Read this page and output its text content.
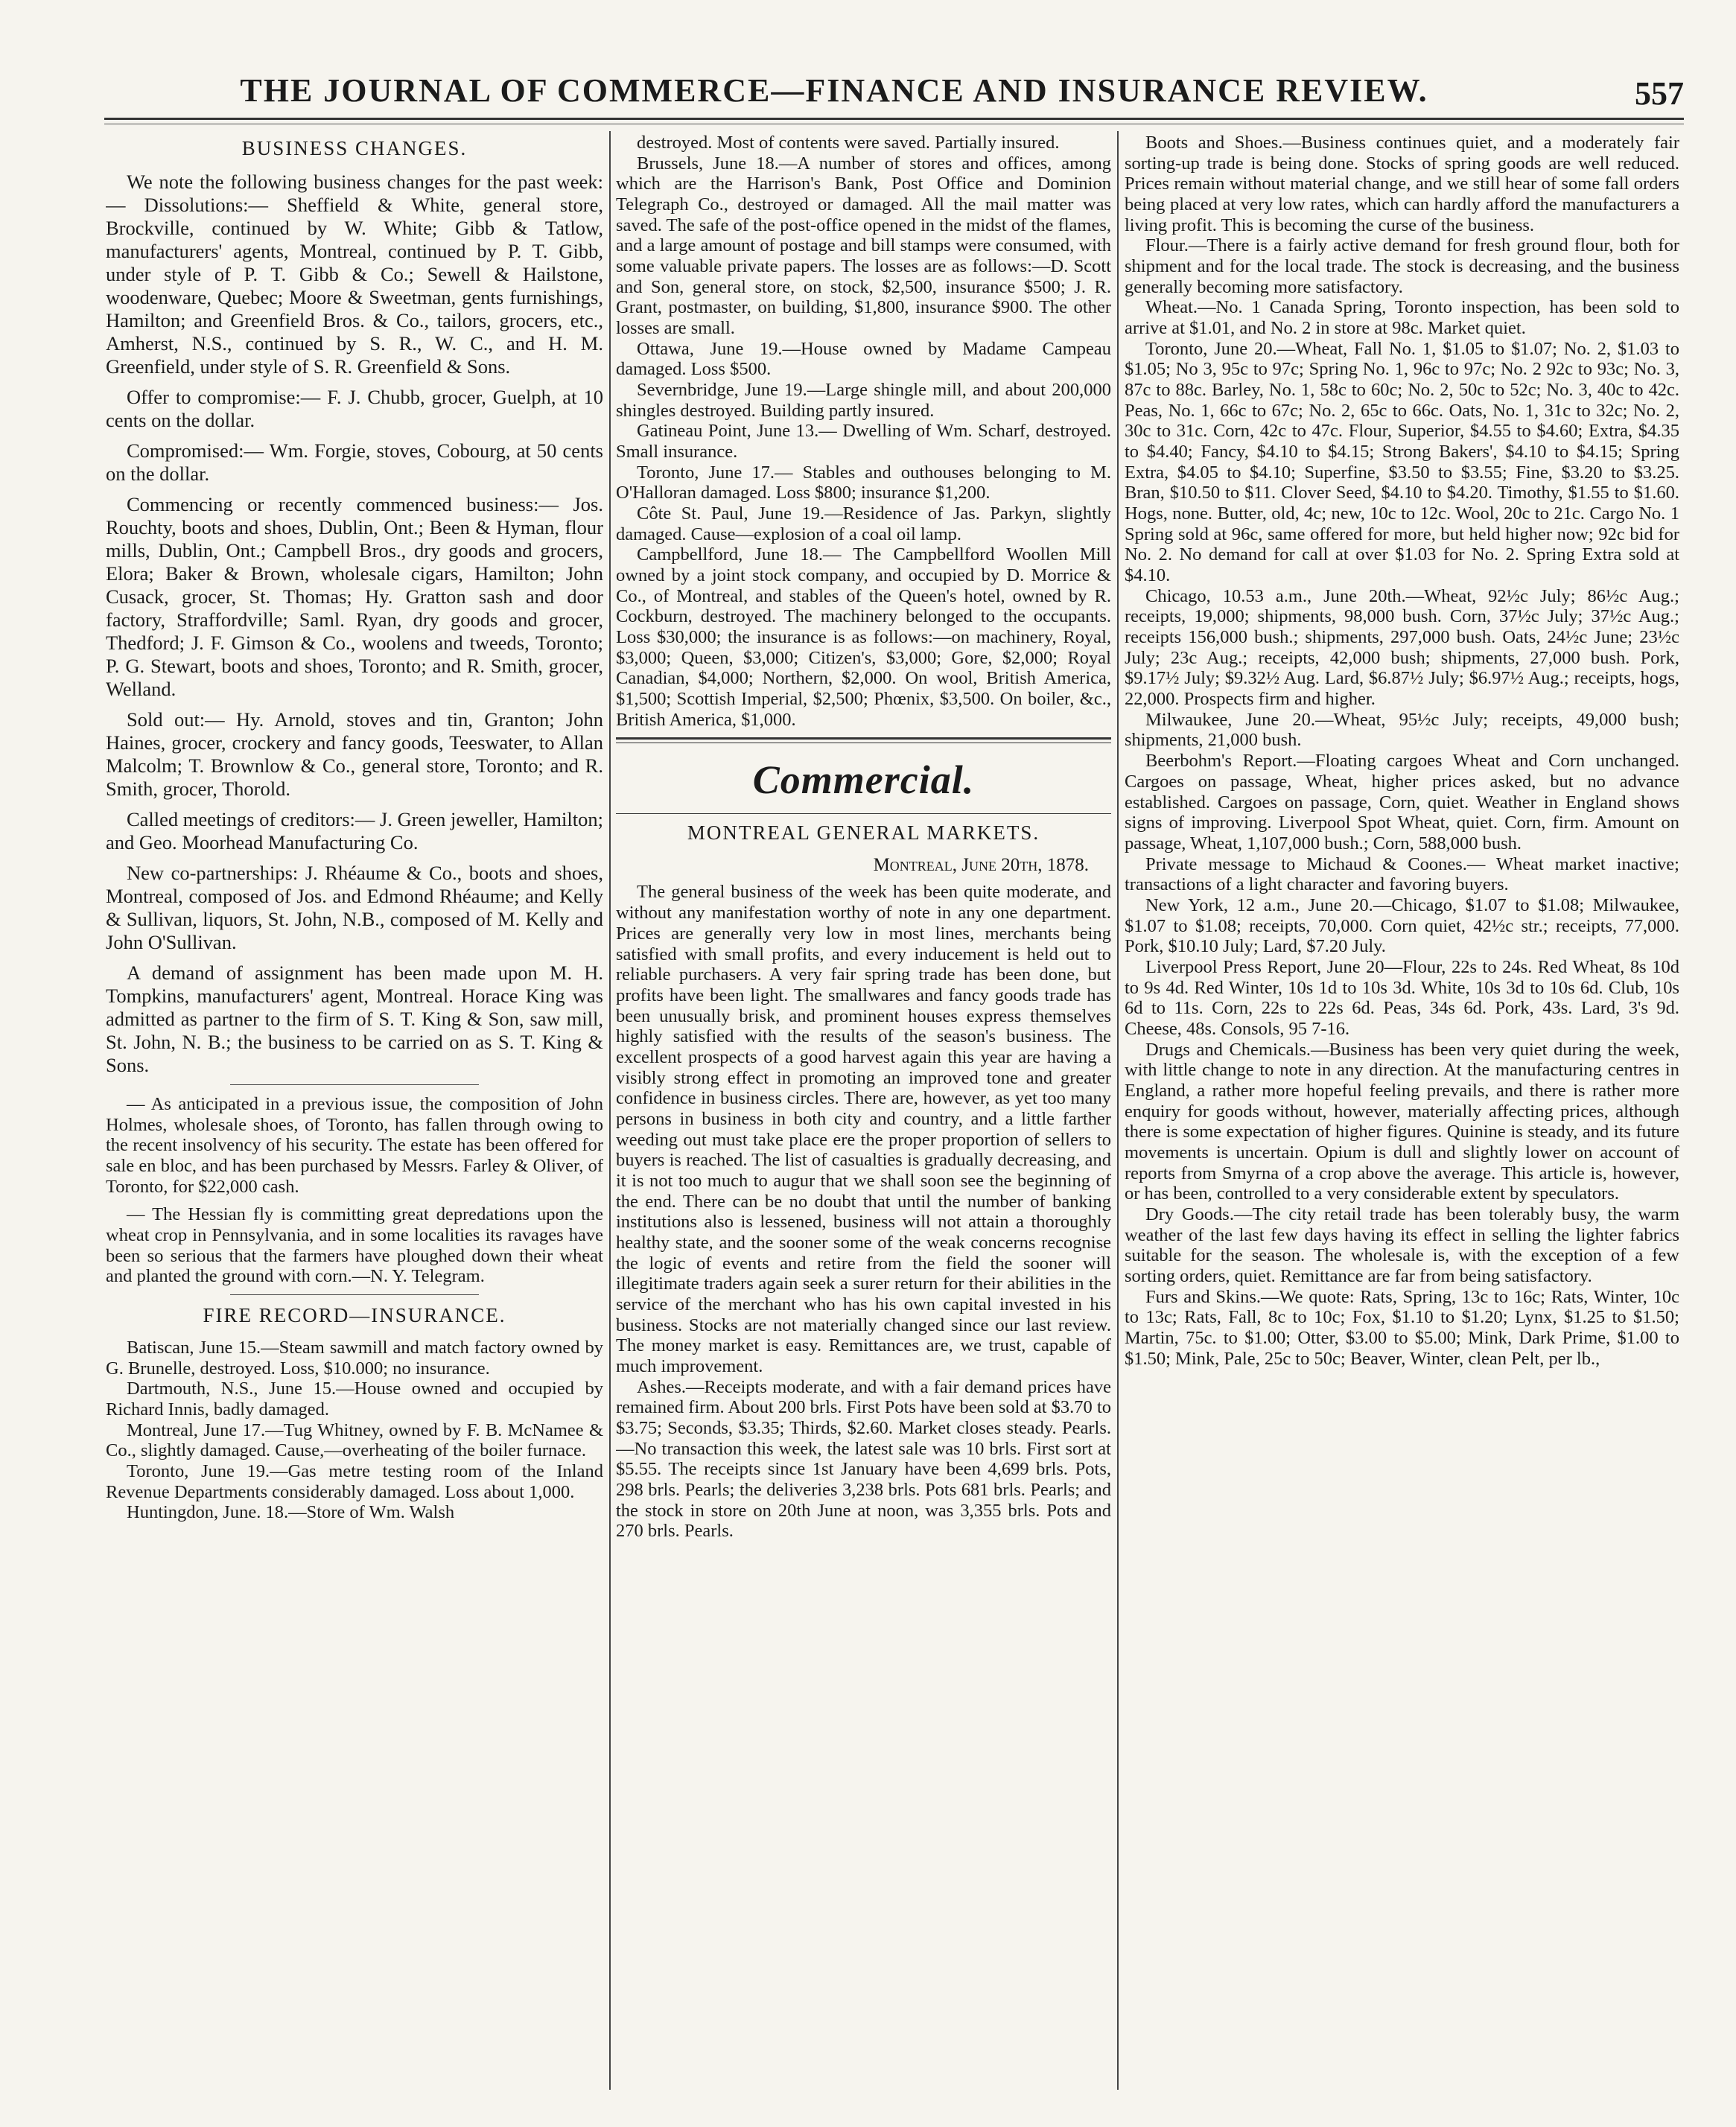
THE JOURNAL OF COMMERCE—FINANCE AND INSURANCE REVIEW.	557
BUSINESS CHANGES.

We note the following business changes for the past week:— Dissolutions:— Sheffield & White, general store, Brockville, continued by W. White; Gibb & Tatlow, manufacturers' agents, Montreal, continued by P. T. Gibb, under style of P. T. Gibb & Co.; Sewell & Hailstone, woodenware, Quebec; Moore & Sweetman, gents furnishings, Hamilton; and Greenfield Bros. & Co., tailors, grocers, etc., Amherst, N.S., continued by S. R., W. C., and H. M. Greenfield, under style of S. R. Greenfield & Sons.

Offer to compromise:— F. J. Chubb, grocer, Guelph, at 10 cents on the dollar.

Compromised:— Wm. Forgie, stoves, Cobourg, at 50 cents on the dollar.

Commencing or recently commenced business:— Jos. Rouchty, boots and shoes, Dublin, Ont.; Been & Hyman, flour mills, Dublin, Ont.; Campbell Bros., dry goods and grocers, Elora; Baker & Brown, wholesale cigars, Hamilton; John Cusack, grocer, St. Thomas; Hy. Gratton sash and door factory, Straffordville; Saml. Ryan, dry goods and grocer, Thedford; J. F. Gimson & Co., woolens and tweeds, Toronto; P. G. Stewart, boots and shoes, Toronto; and R. Smith, grocer, Welland.

Sold out:— Hy. Arnold, stoves and tin, Granton; John Haines, grocer, crockery and fancy goods, Teeswater, to Allan Malcolm; T. Brownlow & Co., general store, Toronto; and R. Smith, grocer, Thorold.

Called meetings of creditors:— J. Green jeweller, Hamilton; and Geo. Moorhead Manufacturing Co.

New co-partnerships: J. Rhéaume & Co., boots and shoes, Montreal, composed of Jos. and Edmond Rhéaume; and Kelly & Sullivan, liquors, St. John, N.B., composed of M. Kelly and John O'Sullivan.

A demand of assignment has been made upon M. H. Tompkins, manufacturers' agent, Montreal. Horace King was admitted as partner to the firm of S. T. King & Son, saw mill, St. John, N. B.; the business to be carried on as S. T. King & Sons.

— As anticipated in a previous issue, the composition of John Holmes, wholesale shoes, of Toronto, has fallen through owing to the recent insolvency of his security. The estate has been offered for sale en bloc, and has been purchased by Messrs. Farley & Oliver, of Toronto, for $22,000 cash.

— The Hessian fly is committing great depredations upon the wheat crop in Pennsylvania, and in some localities its ravages have been so serious that the farmers have ploughed down their wheat and planted the ground with corn.—N. Y. Telegram.

FIRE RECORD—INSURANCE.

Batiscan, June 15.—Steam sawmill and match factory owned by G. Brunelle, destroyed. Loss, $10.000; no insurance.

Dartmouth, N.S., June 15.—House owned and occupied by Richard Innis, badly damaged.

Montreal, June 17.—Tug Whitney, owned by F. B. McNamee & Co., slightly damaged. Cause,—overheating of the boiler furnace.

Toronto, June 19.—Gas metre testing room of the Inland Revenue Departments considerably damaged. Loss about 1,000.

Huntingdon, June. 18.—Store of Wm. Walsh

destroyed. Most of contents were saved. Partially insured.

Brussels, June 18.—A number of stores and offices, among which are the Harrison's Bank, Post Office and Dominion Telegraph Co., destroyed or damaged. All the mail matter was saved. The safe of the post-office opened in the midst of the flames, and a large amount of postage and bill stamps were consumed, with some valuable private papers. The losses are as follows:—D. Scott and Son, general store, on stock, $2,500, insurance $500; J. R. Grant, postmaster, on building, $1,800, insurance $900. The other losses are small.

Ottawa, June 19.—House owned by Madame Campeau damaged. Loss $500.

Severnbridge, June 19.—Large shingle mill, and about 200,000 shingles destroyed. Building partly insured.

Gatineau Point, June 13.— Dwelling of Wm. Scharf, destroyed. Small insurance.

Toronto, June 17.— Stables and outhouses belonging to M. O'Halloran damaged. Loss $800; insurance $1,200.

Côte St. Paul, June 19.—Residence of Jas. Parkyn, slightly damaged. Cause—explosion of a coal oil lamp.

Campbellford, June 18.— The Campbellford Woollen Mill owned by a joint stock company, and occupied by D. Morrice & Co., of Montreal, and stables of the Queen's hotel, owned by R. Cockburn, destroyed. The machinery belonged to the occupants. Loss $30,000; the insurance is as follows:—on machinery, Royal, $3,000; Queen, $3,000; Citizen's, $3,000; Gore, $2,000; Royal Canadian, $4,000; Northern, $2,000. On wool, British America, $1,500; Scottish Imperial, $2,500; Phœnix, $3,500. On boiler, &c., British America, $1,000.

Commercial.
MONTREAL GENERAL MARKETS.
Montreal, June 20th, 1878.

The general business of the week has been quite moderate, and without any manifestation worthy of note in any one department. Prices are generally very low in most lines, merchants being satisfied with small profits, and every inducement is held out to reliable purchasers. A very fair spring trade has been done, but profits have been light. The smallwares and fancy goods trade has been unusually brisk, and prominent houses express themselves highly satisfied with the results of the season's business. The excellent prospects of a good harvest again this year are having a visibly strong effect in promoting an improved tone and greater confidence in business circles. There are, however, as yet too many persons in business in both city and country, and a little farther weeding out must take place ere the proper proportion of sellers to buyers is reached. The list of casualties is gradually decreasing, and it is not too much to augur that we shall soon see the beginning of the end. There can be no doubt that until the number of banking institutions also is lessened, business will not attain a thoroughly healthy state, and the sooner some of the weak concerns recognise the logic of events and retire from the field the sooner will illegitimate traders again seek a surer return for their abilities in the service of the merchant who has his own capital invested in his business. Stocks are not materially changed since our last review. The money market is easy. Remittances are, we trust, capable of much improvement.

Ashes.—Receipts moderate, and with a fair demand prices have remained firm. About 200 brls. First Pots have been sold at $3.70 to $3.75; Seconds, $3.35; Thirds, $2.60. Market closes steady. Pearls.—No transaction this week, the latest sale was 10 brls. First sort at $5.55. The receipts since 1st January have been 4,699 brls. Pots, 298 brls. Pearls; the deliveries 3,238 brls. Pots 681 brls. Pearls; and the stock in store on 20th June at noon, was 3,355 brls. Pots and 270 brls. Pearls.

Boots and Shoes.—Business continues quiet, and a moderately fair sorting-up trade is being done. Stocks of spring goods are well reduced. Prices remain without material change, and we still hear of some fall orders being placed at very low rates, which can hardly afford the manufacturers a living profit. This is becoming the curse of the business.

Flour.—There is a fairly active demand for fresh ground flour, both for shipment and for the local trade. The stock is decreasing, and the business generally becoming more satisfactory.

Wheat.—No. 1 Canada Spring, Toronto inspection, has been sold to arrive at $1.01, and No. 2 in store at 98c. Market quiet.

Toronto, June 20.—Wheat, Fall No. 1, $1.05 to $1.07; No. 2, $1.03 to $1.05; No 3, 95c to 97c; Spring No. 1, 96c to 97c; No. 2 92c to 93c; No. 3, 87c to 88c. Barley, No. 1, 58c to 60c; No. 2, 50c to 52c; No. 3, 40c to 42c. Peas, No. 1, 66c to 67c; No. 2, 65c to 66c. Oats, No. 1, 31c to 32c; No. 2, 30c to 31c. Corn, 42c to 47c. Flour, Superior, $4.55 to $4.60; Extra, $4.35 to $4.40; Fancy, $4.10 to $4.15; Strong Bakers', $4.10 to $4.15; Spring Extra, $4.05 to $4.10; Superfine, $3.50 to $3.55; Fine, $3.20 to $3.25. Bran, $10.50 to $11. Clover Seed, $4.10 to $4.20. Timothy, $1.55 to $1.60. Hogs, none. Butter, old, 4c; new, 10c to 12c. Wool, 20c to 21c. Cargo No. 1 Spring sold at 96c, same offered for more, but held higher now; 92c bid for No. 2. No demand for call at over $1.03 for No. 2. Spring Extra sold at $4.10.

Chicago, 10.53 a.m., June 20th.—Wheat, 92½c July; 86½c Aug.; receipts, 19,000; shipments, 98,000 bush. Corn, 37½c July; 37½c Aug.; receipts 156,000 bush.; shipments, 297,000 bush. Oats, 24½c June; 23½c July; 23c Aug.; receipts, 42,000 bush; shipments, 27,000 bush. Pork, $9.17½ July; $9.32½ Aug. Lard, $6.87½ July; $6.97½ Aug.; receipts, hogs, 22,000. Prospects firm and higher.

Milwaukee, June 20.—Wheat, 95½c July; receipts, 49,000 bush; shipments, 21,000 bush.

Beerbohm's Report.—Floating cargoes Wheat and Corn unchanged. Cargoes on passage, Wheat, higher prices asked, but no advance established. Cargoes on passage, Corn, quiet. Weather in England shows signs of improving. Liverpool Spot Wheat, quiet. Corn, firm. Amount on passage, Wheat, 1,107,000 bush.; Corn, 588,000 bush.

Private message to Michaud & Coones.— Wheat market inactive; transactions of a light character and favoring buyers.

New York, 12 a.m., June 20.—Chicago, $1.07 to $1.08; Milwaukee, $1.07 to $1.08; receipts, 70,000. Corn quiet, 42½c str.; receipts, 77,000. Pork, $10.10 July; Lard, $7.20 July.

Liverpool Press Report, June 20—Flour, 22s to 24s. Red Wheat, 8s 10d to 9s 4d. Red Winter, 10s 1d to 10s 3d. White, 10s 3d to 10s 6d. Club, 10s 6d to 11s. Corn, 22s to 22s 6d. Peas, 34s 6d. Pork, 43s. Lard, 3's 9d. Cheese, 48s. Consols, 95 7-16.

Drugs and Chemicals.—Business has been very quiet during the week, with little change to note in any direction. At the manufacturing centres in England, a rather more hopeful feeling prevails, and there is rather more enquiry for goods without, however, materially affecting prices, although there is some expectation of higher figures. Quinine is steady, and its future movements is uncertain. Opium is dull and slightly lower on account of reports from Smyrna of a crop above the average. This article is, however, or has been, controlled to a very considerable extent by speculators.

Dry Goods.—The city retail trade has been tolerably busy, the warm weather of the last few days having its effect in selling the lighter fabrics suitable for the season. The wholesale is, with the exception of a few sorting orders, quiet. Remittance are far from being satisfactory.

Furs and Skins.—We quote: Rats, Spring, 13c to 16c; Rats, Winter, 10c to 13c; Rats, Fall, 8c to 10c; Fox, $1.10 to $1.20; Lynx, $1.25 to $1.50; Martin, 75c. to $1.00; Otter, $3.00 to $5.00; Mink, Dark Prime, $1.00 to $1.50; Mink, Pale, 25c to 50c; Beaver, Winter, clean Pelt, per lb.,
